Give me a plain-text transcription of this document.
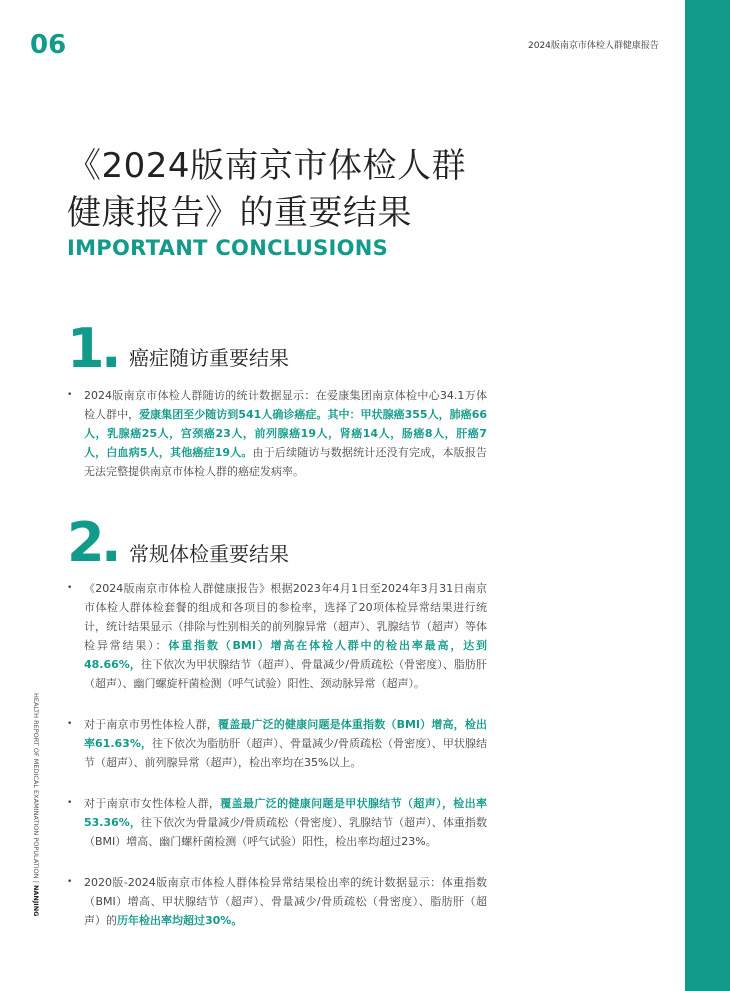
06	2024版南京市体检人群健康报告
HEALTH REPORT OF MEDICAL EXAMINATION POPULATION | NANJING
《2024版南京市体检人群
健康报告》的重要结果
IMPORTANT CONCLUSIONS
1
. 癌症随访重要结果
• 2024版南京市体检人群随访的统计数据显示：在爱康集团南京体检中心34.1万体检人群中，爱康集团至少随访到541人确诊癌症。其中：甲状腺癌355人，肺癌66人，乳腺癌25人，宫颈癌23人，前列腺癌19人，肾癌14人，肠癌8人，肝癌7人，白血病5人，其他癌症19人。由于后续随访与数据统计还没有完成，本版报告无法完整提供南京市体检人群的癌症发病率。
2
. 常规体检重要结果
• 《2024版南京市体检人群健康报告》根据2023年4月1日至2024年3月31日南京市体检人群体检套餐的组成和各项目的参检率，选择了20项体检异常结果进行统计，统计结果显示（排除与性别相关的前列腺异常（超声）、乳腺结节（超声）等体检异常结果）：体重指数（BMI）增高在体检人群中的检出率最高，达到48.66%，往下依次为甲状腺结节（超声）、骨量减少/骨质疏松（骨密度）、脂肪肝（超声）、幽门螺旋杆菌检测（呼气试验）阳性、颈动脉异常（超声）。
• 对于南京市男性体检人群，覆盖最广泛的健康问题是体重指数（BMI）增高，检出率61.63%，往下依次为脂肪肝（超声）、骨量减少/骨质疏松（骨密度）、甲状腺结节（超声）、前列腺异常（超声），检出率均在35%以上。
• 对于南京市女性体检人群，覆盖最广泛的健康问题是甲状腺结节（超声），检出率53.36%，往下依次为骨量减少/骨质疏松（骨密度）、乳腺结节（超声）、体重指数（BMI）增高、幽门螺杆菌检测（呼气试验）阳性，检出率均超过23%。
• 2020版-2024版南京市体检人群体检异常结果检出率的统计数据显示：体重指数（BMI）增高、甲状腺结节（超声）、骨量减少/骨质疏松（骨密度）、脂肪肝（超声）的历年检出率均超过30%。
